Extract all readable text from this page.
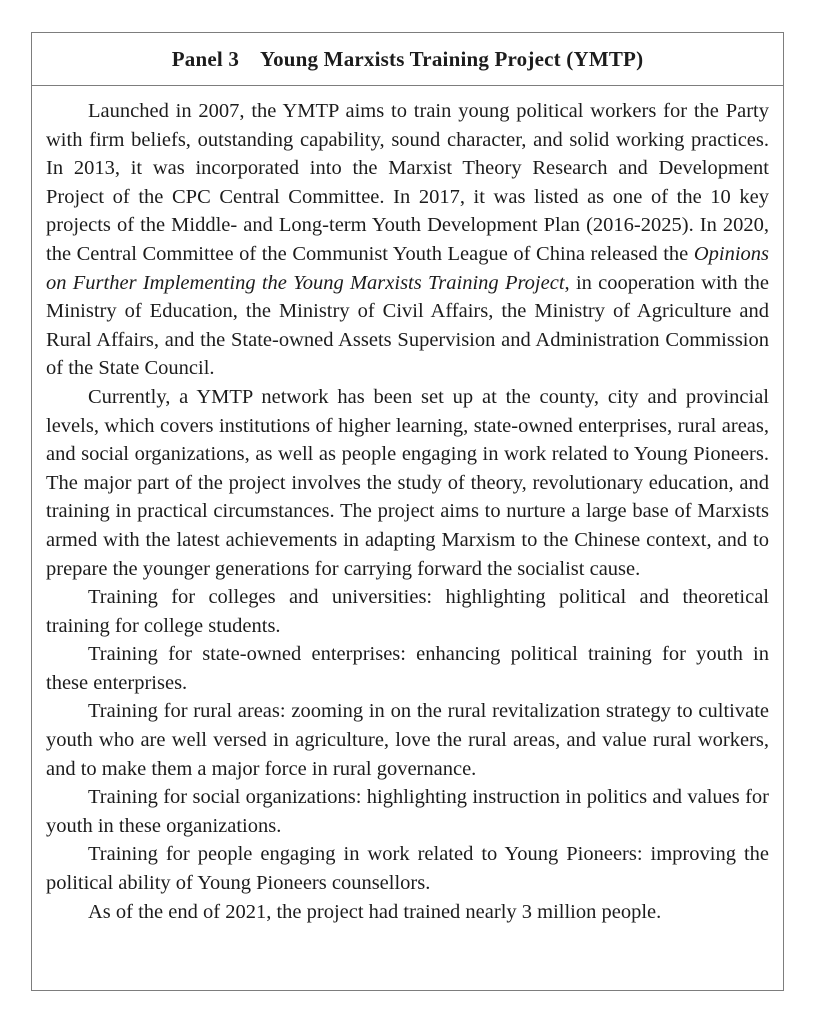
Panel 3 Young Marxists Training Project (YMTP)

Launched in 2007, the YMTP aims to train young political workers for the Party with firm beliefs, outstanding capability, sound character, and solid working practices. In 2013, it was incorporated into the Marxist Theory Research and Development Project of the CPC Central Committee. In 2017, it was listed as one of the 10 key projects of the Middle- and Long-term Youth Development Plan (2016-2025). In 2020, the Central Committee of the Communist Youth League of China released the Opinions on Further Implementing the Young Marxists Training Project, in cooperation with the Ministry of Education, the Ministry of Civil Affairs, the Ministry of Agriculture and Rural Affairs, and the State-owned Assets Supervision and Administration Commission of the State Council.

Currently, a YMTP network has been set up at the county, city and provincial levels, which covers institutions of higher learning, state-owned enterprises, rural areas, and social organizations, as well as people engaging in work related to Young Pioneers. The major part of the project involves the study of theory, revolutionary education, and training in practical circumstances. The project aims to nurture a large base of Marxists armed with the latest achievements in adapting Marxism to the Chinese context, and to prepare the younger generations for carrying forward the socialist cause.

Training for colleges and universities: highlighting political and theoretical training for college students.

Training for state-owned enterprises: enhancing political training for youth in these enterprises.

Training for rural areas: zooming in on the rural revitalization strategy to cultivate youth who are well versed in agriculture, love the rural areas, and value rural workers, and to make them a major force in rural governance.

Training for social organizations: highlighting instruction in politics and values for youth in these organizations.

Training for people engaging in work related to Young Pioneers: improving the political ability of Young Pioneers counsellors.

As of the end of 2021, the project had trained nearly 3 million people.
